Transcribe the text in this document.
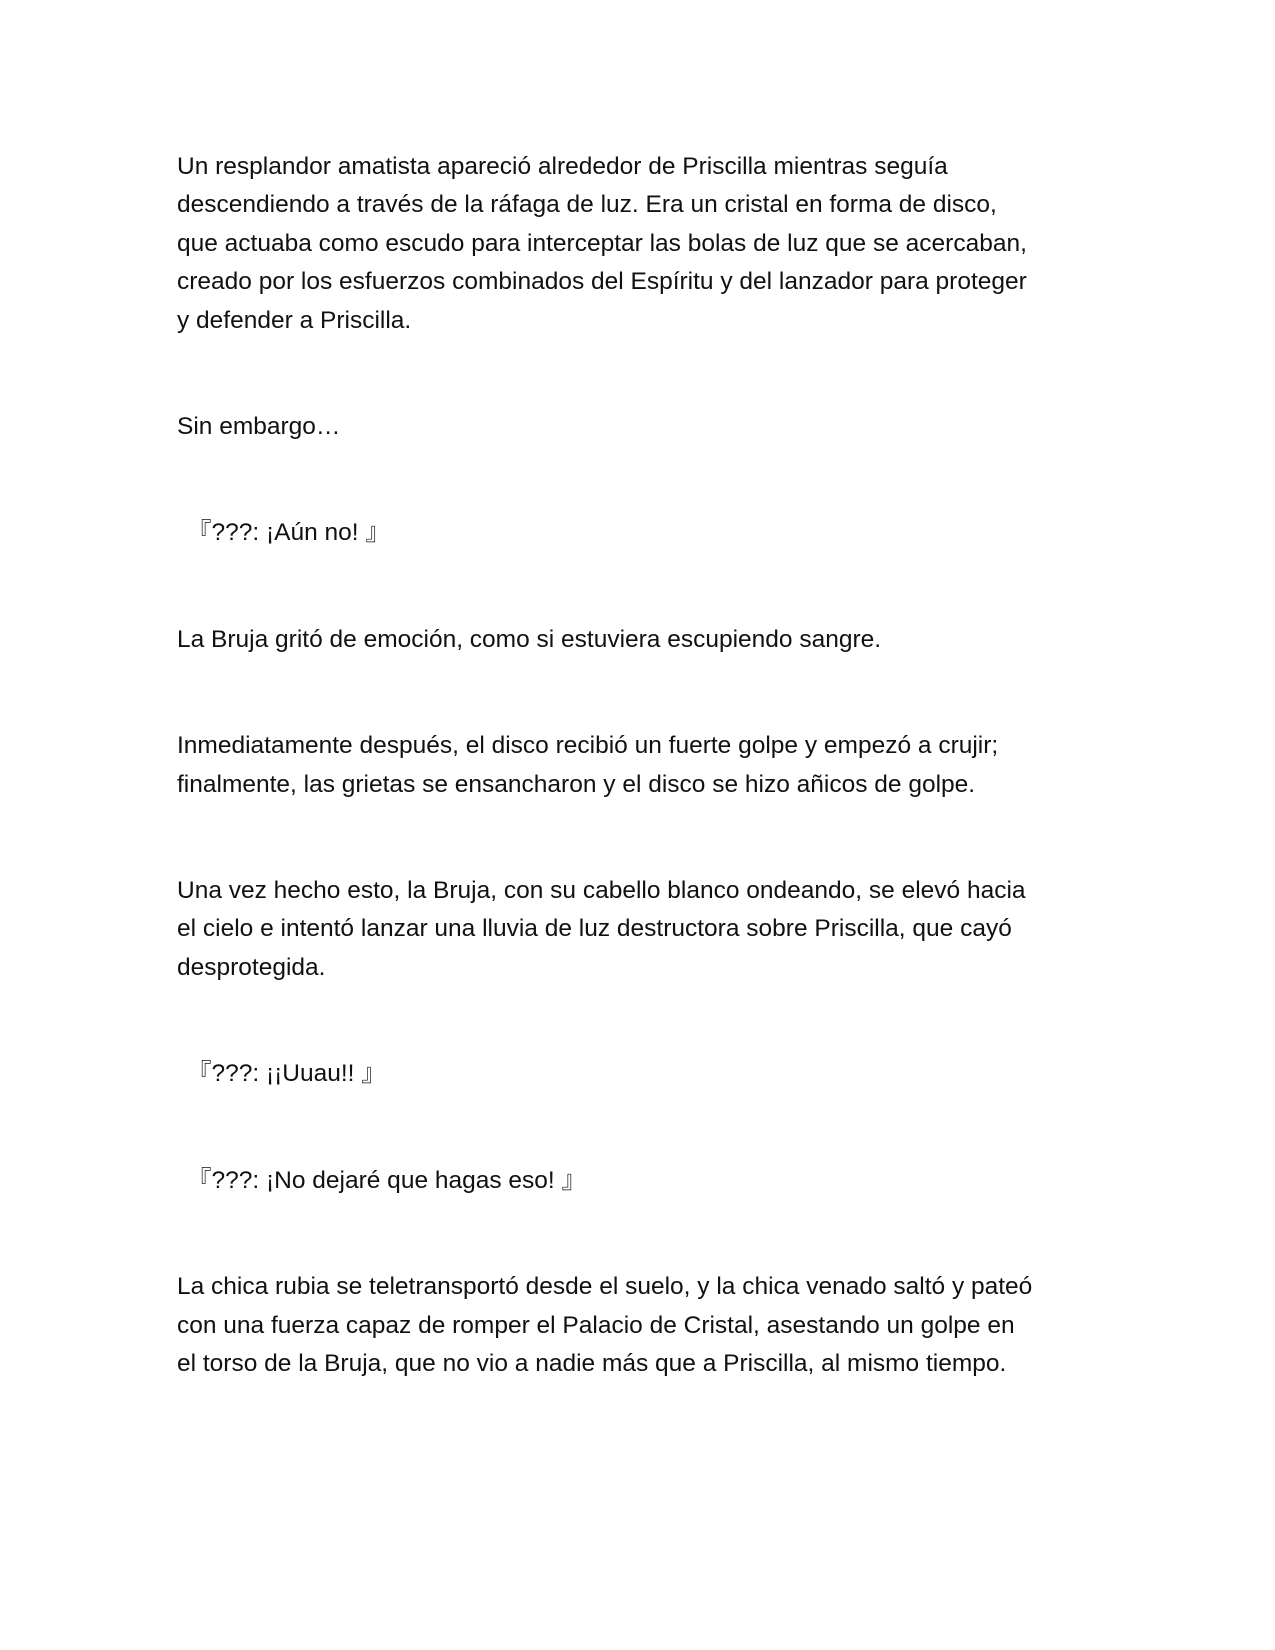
Un resplandor amatista apareció alrededor de Priscilla mientras seguía
descendiendo a través de la ráfaga de luz. Era un cristal en forma de disco,
que actuaba como escudo para interceptar las bolas de luz que se acercaban,
creado por los esfuerzos combinados del Espíritu y del lanzador para proteger
y defender a Priscilla.

Sin embargo…

『???: ¡Aún no! 』

La Bruja gritó de emoción, como si estuviera escupiendo sangre.

Inmediatamente después, el disco recibió un fuerte golpe y empezó a crujir;
finalmente, las grietas se ensancharon y el disco se hizo añicos de golpe.

Una vez hecho esto, la Bruja, con su cabello blanco ondeando, se elevó hacia
el cielo e intentó lanzar una lluvia de luz destructora sobre Priscilla, que cayó
desprotegida.

『???: ¡¡Uuau!! 』

『???: ¡No dejaré que hagas eso! 』

La chica rubia se teletransportó desde el suelo, y la chica venado saltó y pateó
con una fuerza capaz de romper el Palacio de Cristal, asestando un golpe en
el torso de la Bruja, que no vio a nadie más que a Priscilla, al mismo tiempo.
